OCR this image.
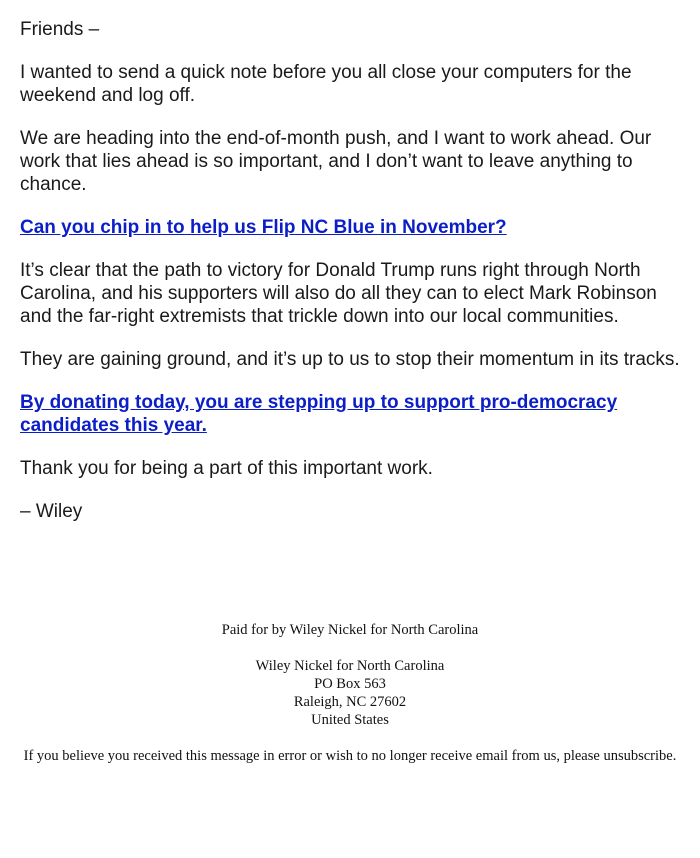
Friends –

I wanted to send a quick note before you all close your computers for the weekend and log off.

We are heading into the end-of-month push, and I want to work ahead. Our work that lies ahead is so important, and I don’t want to leave anything to chance.

Can you chip in to help us Flip NC Blue in November?

It’s clear that the path to victory for Donald Trump runs right through North Carolina, and his supporters will also do all they can to elect Mark Robinson and the far-right extremists that trickle down into our local communities.

They are gaining ground, and it’s up to us to stop their momentum in its tracks.

By donating today, you are stepping up to support pro-democracy candidates this year.

Thank you for being a part of this important work.

– Wiley

Paid for by Wiley Nickel for North Carolina

Wiley Nickel for North Carolina
PO Box 563
Raleigh, NC 27602
United States

If you believe you received this message in error or wish to no longer receive email from us, please unsubscribe.
